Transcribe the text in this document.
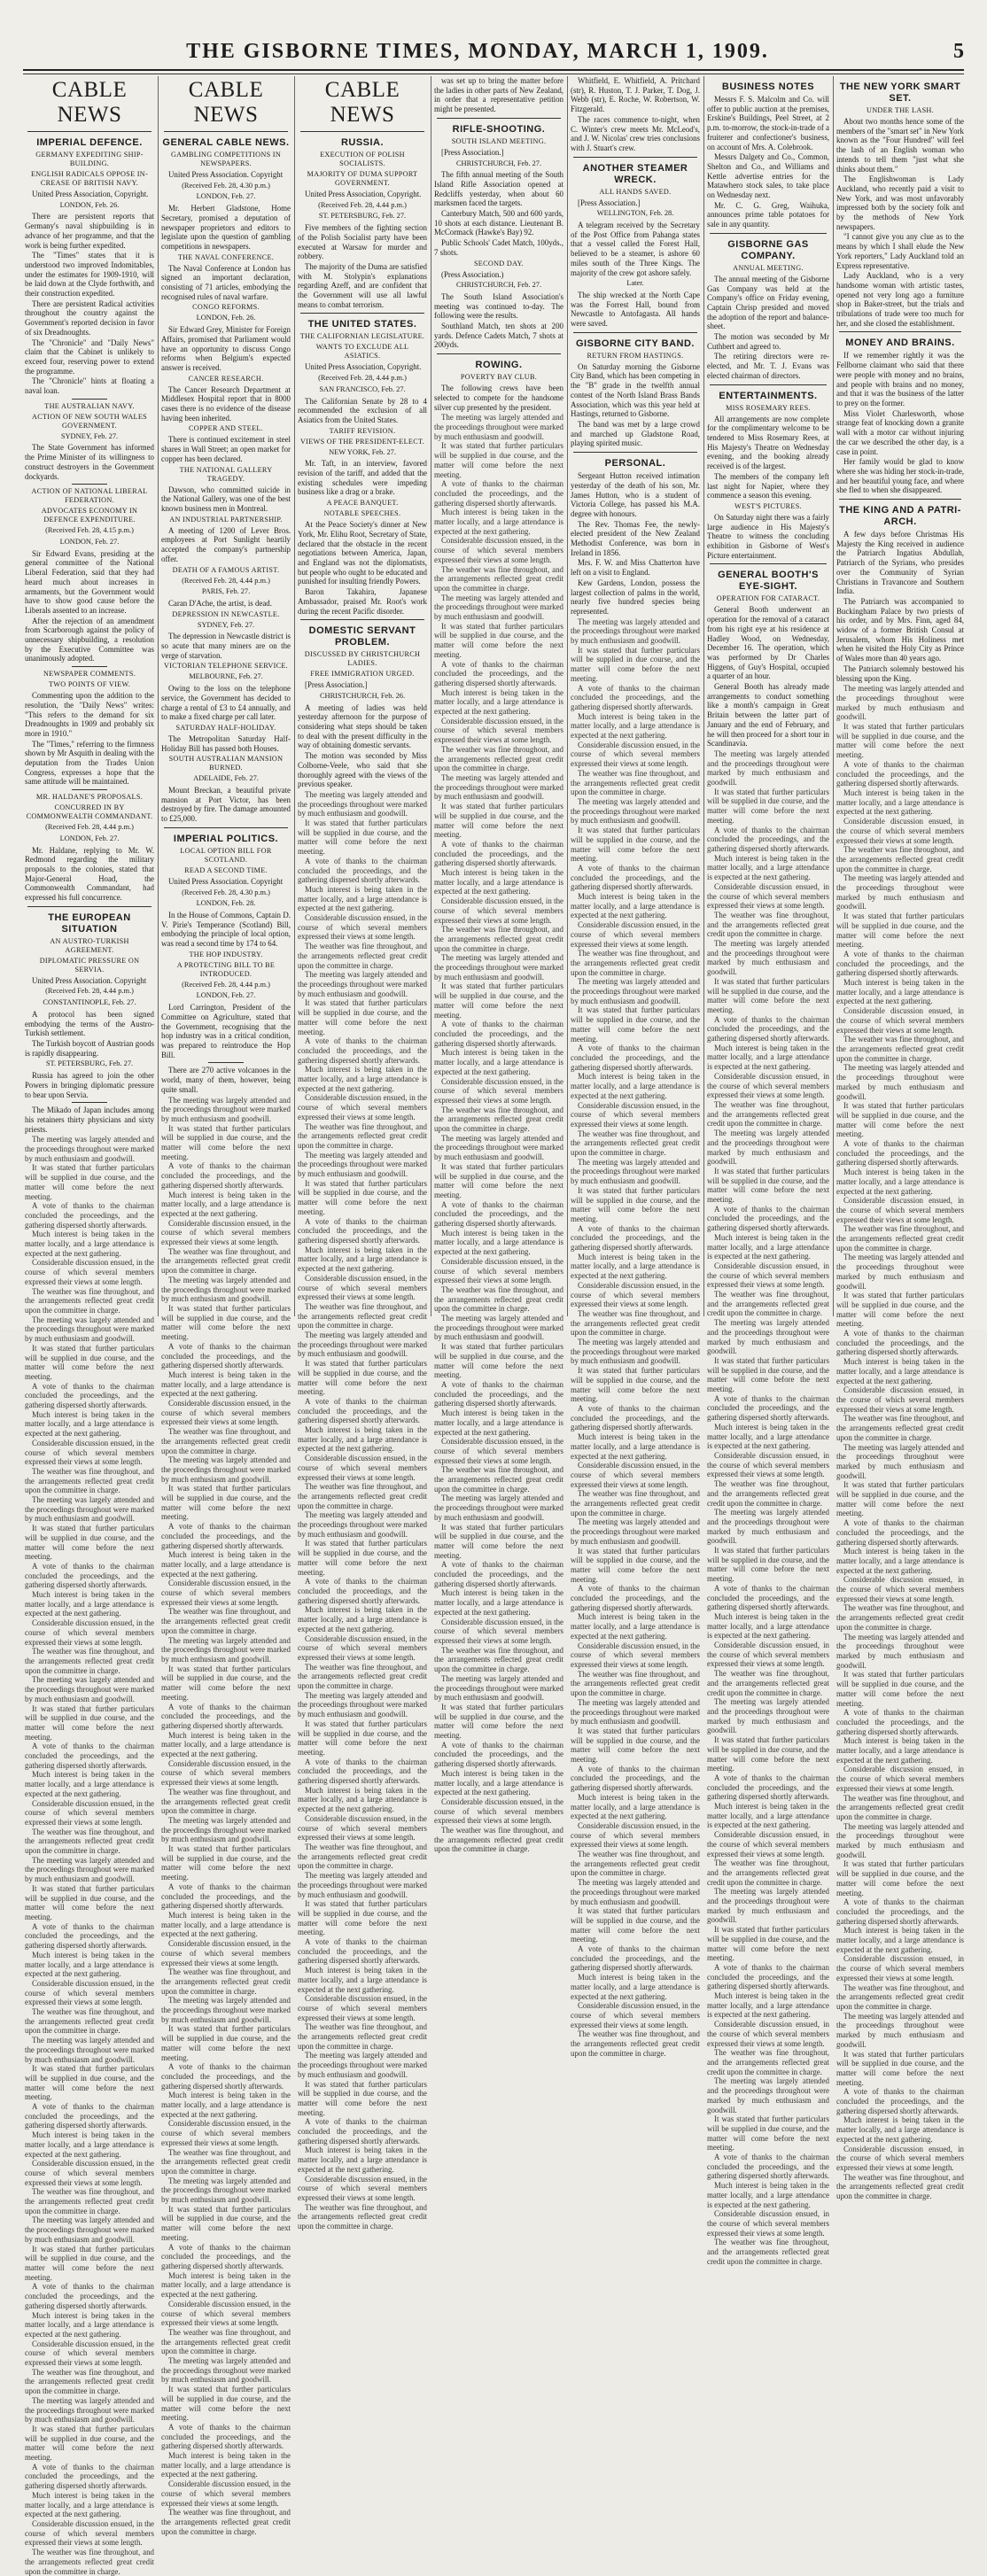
THE GISBORNE TIMES, MONDAY, MARCH 1, 1909.	5
CABLE NEWS
IMPERIAL DEFENCE.
GERMANY EXPEDITING SHIP-BUILDING.
ENGLISH RADICALS OPPOSE IN-CREASE OF BRITISH NAVY.

United Press Association, Copyright.

LONDON, Feb. 26.

There are persistent reports that Germany's naval shipbuilding is in advance of her programme, and that the work is being further expedited.

The "Times" states that it is understood two improved Indomitables, under the estimates for 1909-1910, will be laid down at the Clyde forthwith, and their construction expedited.

There are persistent Radical activities throughout the country against the Government's reported decision in favor of six Dreadnoughts.

The "Chronicle" and "Daily News" claim that the Cabinet is unlikely to exceed four, reserving power to extend the programme.

The "Chronicle" hints at floating a naval loan.

THE AUSTRALIAN NAVY.
ACTION OF NEW SOUTH WALES GOVERNMENT.
SYDNEY, Feb. 27.

The State Government has informed the Prime Minister of its willingness to construct destroyers in the Government dockyards.

ACTION OF NATIONAL LIBERAL FEDERATION.
ADVOCATES ECONOMY IN DEFENCE EXPENDITURE.
(Received Feb. 28, 4.15 p.m.)
LONDON, Feb. 27.

Sir Edward Evans, presiding at the general committee of the National Liberal Federation, said that they had heard much about increases in armaments, but the Government would have to show good cause before the Liberals assented to an increase.

After the rejection of an amendment from Scarborough against the policy of unnecessary shipbuilding, a resolution by the Executive Committee was unanimously adopted.

NEWSPAPER COMMENTS.
TWO POINTS OF VIEW.

Commenting upon the addition to the resolution, the "Daily News" writes: "This refers to the demand for six Dreadnoughts in 1909 and probably six more in 1910."

The "Times," referring to the firmness shown by Mr Asquith in dealing with the deputation from the Trades Union Congress, expresses a hope that the same attitude will be maintained.

MR. HALDANE'S PROPOSALS.
CONCURRED IN BY COMMONWEALTH COMMANDANT.
(Received Feb. 28, 4.44 p.m.)
LONDON, Feb. 27.

Mr. Haldane, replying to Mr. W. Redmond regarding the military proposals to the colonies, stated that Major-General Hoad, the Commonwealth Commandant, had expressed his full concurrence.

THE EUROPEAN SITUATION
AN AUSTRO-TURKISH AGREEMENT.
DIPLOMATIC PRESSURE ON SERVIA.

United Press Association. Copyright

(Received Feb. 28, 4.44 p.m.)
CONSTANTINOPLE, Feb. 27.

A protocol has been signed embodying the terms of the Austro-Turkish settlement.

The Turkish boycott of Austrian goods is rapidly disappearing.

ST. PETERSBURG, Feb. 27.

Russia has agreed to join the other Powers in bringing diplomatic pressure to bear upon Servia.

The Mikado of Japan includes among his retainers thirty physicians and sixty priests.

The meeting was largely attended and the proceedings throughout were marked by much enthusiasm and goodwill.

It was stated that further particulars will be supplied in due course, and the matter will come before the next meeting.

A vote of thanks to the chairman concluded the proceedings, and the gathering dispersed shortly afterwards.

Much interest is being taken in the matter locally, and a large attendance is expected at the next gathering.

Considerable discussion ensued, in the course of which several members expressed their views at some length.

The weather was fine throughout, and the arrangements reflected great credit upon the committee in charge.

The meeting was largely attended and the proceedings throughout were marked by much enthusiasm and goodwill.

It was stated that further particulars will be supplied in due course, and the matter will come before the next meeting.

A vote of thanks to the chairman concluded the proceedings, and the gathering dispersed shortly afterwards.

Much interest is being taken in the matter locally, and a large attendance is expected at the next gathering.

Considerable discussion ensued, in the course of which several members expressed their views at some length.

The weather was fine throughout, and the arrangements reflected great credit upon the committee in charge.

The meeting was largely attended and the proceedings throughout were marked by much enthusiasm and goodwill.

It was stated that further particulars will be supplied in due course, and the matter will come before the next meeting.

A vote of thanks to the chairman concluded the proceedings, and the gathering dispersed shortly afterwards.

Much interest is being taken in the matter locally, and a large attendance is expected at the next gathering.

Considerable discussion ensued, in the course of which several members expressed their views at some length.

The weather was fine throughout, and the arrangements reflected great credit upon the committee in charge.

The meeting was largely attended and the proceedings throughout were marked by much enthusiasm and goodwill.

It was stated that further particulars will be supplied in due course, and the matter will come before the next meeting.

A vote of thanks to the chairman concluded the proceedings, and the gathering dispersed shortly afterwards.

Much interest is being taken in the matter locally, and a large attendance is expected at the next gathering.

Considerable discussion ensued, in the course of which several members expressed their views at some length.

The weather was fine throughout, and the arrangements reflected great credit upon the committee in charge.

The meeting was largely attended and the proceedings throughout were marked by much enthusiasm and goodwill.

It was stated that further particulars will be supplied in due course, and the matter will come before the next meeting.

A vote of thanks to the chairman concluded the proceedings, and the gathering dispersed shortly afterwards.

Much interest is being taken in the matter locally, and a large attendance is expected at the next gathering.

Considerable discussion ensued, in the course of which several members expressed their views at some length.

The weather was fine throughout, and the arrangements reflected great credit upon the committee in charge.

The meeting was largely attended and the proceedings throughout were marked by much enthusiasm and goodwill.

It was stated that further particulars will be supplied in due course, and the matter will come before the next meeting.

A vote of thanks to the chairman concluded the proceedings, and the gathering dispersed shortly afterwards.

Much interest is being taken in the matter locally, and a large attendance is expected at the next gathering.

Considerable discussion ensued, in the course of which several members expressed their views at some length.

The weather was fine throughout, and the arrangements reflected great credit upon the committee in charge.

The meeting was largely attended and the proceedings throughout were marked by much enthusiasm and goodwill.

It was stated that further particulars will be supplied in due course, and the matter will come before the next meeting.

A vote of thanks to the chairman concluded the proceedings, and the gathering dispersed shortly afterwards.

Much interest is being taken in the matter locally, and a large attendance is expected at the next gathering.

Considerable discussion ensued, in the course of which several members expressed their views at some length.

The weather was fine throughout, and the arrangements reflected great credit upon the committee in charge.

The meeting was largely attended and the proceedings throughout were marked by much enthusiasm and goodwill.

It was stated that further particulars will be supplied in due course, and the matter will come before the next meeting.

A vote of thanks to the chairman concluded the proceedings, and the gathering dispersed shortly afterwards.

Much interest is being taken in the matter locally, and a large attendance is expected at the next gathering.

Considerable discussion ensued, in the course of which several members expressed their views at some length.

The weather was fine throughout, and the arrangements reflected great credit upon the committee in charge.

CABLE NEWS
GENERAL CABLE NEWS.
GAMBLING COMPETITIONS IN NEWSPAPERS.

United Press Association. Copyright

(Received Feb. 28, 4.30 p.m.)
LONDON, Feb. 27.

Mr. Herbert Gladstone, Home Secretary, promised a deputation of newspaper proprietors and editors to legislate upon the question of gambling competitions in newspapers.

THE NAVAL CONFERENCE.

The Naval Conference at London has signed an important declaration, consisting of 71 articles, embodying the recognised rules of naval warfare.

CONGO REFORMS.
LONDON, Feb. 26.

Sir Edward Grey, Minister for Foreign Affairs, promised that Parliament would have an opportunity to discuss Congo reforms when Belgium's expected answer is received.

CANCER RESEARCH.

The Cancer Research Department at Middlesex Hospital report that in 8000 cases there is no evidence of the disease having been inherited.

COPPER AND STEEL.

There is continued excitement in steel shares in Wall Street; an open market for copper has been declared.

THE NATIONAL GALLERY TRAGEDY.

Dawson, who committed suicide in the National Gallery, was one of the best known business men in Montreal.

AN INDUSTRIAL PARTNERSHIP.

A meeting of 1200 of Lever Bros. employees at Port Sunlight heartily accepted the company's partnership offer.

DEATH OF A FAMOUS ARTIST.
(Received Feb. 28, 4.44 p.m.)
PARIS, Feb. 27.

Caran D'Ache, the artist, is dead.

DEPRESSION IN NEWCASTLE.
SYDNEY, Feb. 27.

The depression in Newcastle district is so acute that many miners are on the verge of starvation.

VICTORIAN TELEPHONE SERVICE.
MELBOURNE, Feb. 27.

Owing to the loss on the telephone service, the Government has decided to charge a rental of £3 to £4 annually, and to make a fixed charge per call later.

SATURDAY HALF-HOLIDAY.

The Metropolitan Saturday Half-Holiday Bill has passed both Houses.

SOUTH AUSTRALIAN MANSION BURNED.
ADELAIDE, Feb. 27.

Mount Breckan, a beautiful private mansion at Port Victor, has been destroyed by fire. The damage amounted to £25,000.

IMPERIAL POLITICS.
LOCAL OPTION BILL FOR SCOTLAND.
READ A SECOND TIME.

United Press Association. Copyright

(Received Feb. 28, 4.30 p.m.)
LONDON, Feb. 28.

In the House of Commons, Captain D. V. Pirie's Temperance (Scotland) Bill, embodying the principle of local option, was read a second time by 174 to 64.

THE HOP INDUSTRY.
A PROTECTING BILL TO BE INTRODUCED.
(Received Feb. 28, 4.44 p.m.)
LONDON, Feb. 27.

Lord Carrington, President of the Committee on Agriculture, stated that the Government, recognising that the hop industry was in a critical condition, was prepared to reintroduce the Hop Bill.

There are 270 active volcanoes in the world, many of them, however, being quite small.

The meeting was largely attended and the proceedings throughout were marked by much enthusiasm and goodwill.

It was stated that further particulars will be supplied in due course, and the matter will come before the next meeting.

A vote of thanks to the chairman concluded the proceedings, and the gathering dispersed shortly afterwards.

Much interest is being taken in the matter locally, and a large attendance is expected at the next gathering.

Considerable discussion ensued, in the course of which several members expressed their views at some length.

The weather was fine throughout, and the arrangements reflected great credit upon the committee in charge.

The meeting was largely attended and the proceedings throughout were marked by much enthusiasm and goodwill.

It was stated that further particulars will be supplied in due course, and the matter will come before the next meeting.

A vote of thanks to the chairman concluded the proceedings, and the gathering dispersed shortly afterwards.

Much interest is being taken in the matter locally, and a large attendance is expected at the next gathering.

Considerable discussion ensued, in the course of which several members expressed their views at some length.

The weather was fine throughout, and the arrangements reflected great credit upon the committee in charge.

The meeting was largely attended and the proceedings throughout were marked by much enthusiasm and goodwill.

It was stated that further particulars will be supplied in due course, and the matter will come before the next meeting.

A vote of thanks to the chairman concluded the proceedings, and the gathering dispersed shortly afterwards.

Much interest is being taken in the matter locally, and a large attendance is expected at the next gathering.

Considerable discussion ensued, in the course of which several members expressed their views at some length.

The weather was fine throughout, and the arrangements reflected great credit upon the committee in charge.

The meeting was largely attended and the proceedings throughout were marked by much enthusiasm and goodwill.

It was stated that further particulars will be supplied in due course, and the matter will come before the next meeting.

A vote of thanks to the chairman concluded the proceedings, and the gathering dispersed shortly afterwards.

Much interest is being taken in the matter locally, and a large attendance is expected at the next gathering.

Considerable discussion ensued, in the course of which several members expressed their views at some length.

The weather was fine throughout, and the arrangements reflected great credit upon the committee in charge.

The meeting was largely attended and the proceedings throughout were marked by much enthusiasm and goodwill.

It was stated that further particulars will be supplied in due course, and the matter will come before the next meeting.

A vote of thanks to the chairman concluded the proceedings, and the gathering dispersed shortly afterwards.

Much interest is being taken in the matter locally, and a large attendance is expected at the next gathering.

Considerable discussion ensued, in the course of which several members expressed their views at some length.

The weather was fine throughout, and the arrangements reflected great credit upon the committee in charge.

The meeting was largely attended and the proceedings throughout were marked by much enthusiasm and goodwill.

It was stated that further particulars will be supplied in due course, and the matter will come before the next meeting.

A vote of thanks to the chairman concluded the proceedings, and the gathering dispersed shortly afterwards.

Much interest is being taken in the matter locally, and a large attendance is expected at the next gathering.

Considerable discussion ensued, in the course of which several members expressed their views at some length.

The weather was fine throughout, and the arrangements reflected great credit upon the committee in charge.

The meeting was largely attended and the proceedings throughout were marked by much enthusiasm and goodwill.

It was stated that further particulars will be supplied in due course, and the matter will come before the next meeting.

A vote of thanks to the chairman concluded the proceedings, and the gathering dispersed shortly afterwards.

Much interest is being taken in the matter locally, and a large attendance is expected at the next gathering.

Considerable discussion ensued, in the course of which several members expressed their views at some length.

The weather was fine throughout, and the arrangements reflected great credit upon the committee in charge.

The meeting was largely attended and the proceedings throughout were marked by much enthusiasm and goodwill.

It was stated that further particulars will be supplied in due course, and the matter will come before the next meeting.

A vote of thanks to the chairman concluded the proceedings, and the gathering dispersed shortly afterwards.

Much interest is being taken in the matter locally, and a large attendance is expected at the next gathering.

Considerable discussion ensued, in the course of which several members expressed their views at some length.

The weather was fine throughout, and the arrangements reflected great credit upon the committee in charge.

CABLE NEWS
RUSSIA.
EXECUTION OF POLISH SOCIALISTS.
MAJORITY OF DUMA SUPPORT GOVERNMENT.

United Press Association, Copyright.

(Received Feb. 28, 4.44 p.m.)
ST. PETERSBURG, Feb. 27.

Five members of the fighting section of the Polish Socialist party have been executed at Warsaw for murder and robbery.

The majority of the Duma are satisfied with M. Stolypin's explanations regarding Azeff, and are confident that the Government will use all lawful means to combat terrorism.

THE UNITED STATES.
THE CALIFORNIAN LEGISLATURE.
WANTS TO EXCLUDE ALL ASIATICS.

United Press Association, Copyright.

(Received Feb. 28, 4.44 p.m.)
SAN FRANCISCO, Feb. 27.

The Californian Senate by 28 to 4 recommended the exclusion of all Asiatics from the United States.

TARIFF REVISION.
VIEWS OF THE PRESIDENT-ELECT.
NEW YORK, Feb. 27.

Mr. Taft, in an interview, favored revision of the tariff, and added that the existing schedules were impeding business like a drag or a brake.

A PEACE BANQUET.
NOTABLE SPEECHES.

At the Peace Society's dinner at New York, Mr. Elihu Root, Secretary of State, declared that the obstacle in the recent negotiations between America, Japan, and England was not the diplomatists, but people who ought to be educated and punished for insulting friendly Powers.

Baron Takahira, Japanese Ambassador, praised Mr. Root's work during the recent Pacific disorder.

DOMESTIC SERVANT PROBLEM.
DISCUSSED BY CHRISTCHURCH LADIES.
FREE IMMIGRATION URGED.

[Press Association.]

CHRISTCHURCH, Feb. 26.

A meeting of ladies was held yesterday afternoon for the purpose of considering what steps should be taken to deal with the present difficulty in the way of obtaining domestic servants.

The motion was seconded by Miss Colborne-Veele, who said that she thoroughly agreed with the views of the previous speaker.

The meeting was largely attended and the proceedings throughout were marked by much enthusiasm and goodwill.

It was stated that further particulars will be supplied in due course, and the matter will come before the next meeting.

A vote of thanks to the chairman concluded the proceedings, and the gathering dispersed shortly afterwards.

Much interest is being taken in the matter locally, and a large attendance is expected at the next gathering.

Considerable discussion ensued, in the course of which several members expressed their views at some length.

The weather was fine throughout, and the arrangements reflected great credit upon the committee in charge.

The meeting was largely attended and the proceedings throughout were marked by much enthusiasm and goodwill.

It was stated that further particulars will be supplied in due course, and the matter will come before the next meeting.

A vote of thanks to the chairman concluded the proceedings, and the gathering dispersed shortly afterwards.

Much interest is being taken in the matter locally, and a large attendance is expected at the next gathering.

Considerable discussion ensued, in the course of which several members expressed their views at some length.

The weather was fine throughout, and the arrangements reflected great credit upon the committee in charge.

The meeting was largely attended and the proceedings throughout were marked by much enthusiasm and goodwill.

It was stated that further particulars will be supplied in due course, and the matter will come before the next meeting.

A vote of thanks to the chairman concluded the proceedings, and the gathering dispersed shortly afterwards.

Much interest is being taken in the matter locally, and a large attendance is expected at the next gathering.

Considerable discussion ensued, in the course of which several members expressed their views at some length.

The weather was fine throughout, and the arrangements reflected great credit upon the committee in charge.

The meeting was largely attended and the proceedings throughout were marked by much enthusiasm and goodwill.

It was stated that further particulars will be supplied in due course, and the matter will come before the next meeting.

A vote of thanks to the chairman concluded the proceedings, and the gathering dispersed shortly afterwards.

Much interest is being taken in the matter locally, and a large attendance is expected at the next gathering.

Considerable discussion ensued, in the course of which several members expressed their views at some length.

The weather was fine throughout, and the arrangements reflected great credit upon the committee in charge.

The meeting was largely attended and the proceedings throughout were marked by much enthusiasm and goodwill.

It was stated that further particulars will be supplied in due course, and the matter will come before the next meeting.

A vote of thanks to the chairman concluded the proceedings, and the gathering dispersed shortly afterwards.

Much interest is being taken in the matter locally, and a large attendance is expected at the next gathering.

Considerable discussion ensued, in the course of which several members expressed their views at some length.

The weather was fine throughout, and the arrangements reflected great credit upon the committee in charge.

The meeting was largely attended and the proceedings throughout were marked by much enthusiasm and goodwill.

It was stated that further particulars will be supplied in due course, and the matter will come before the next meeting.

A vote of thanks to the chairman concluded the proceedings, and the gathering dispersed shortly afterwards.

Much interest is being taken in the matter locally, and a large attendance is expected at the next gathering.

Considerable discussion ensued, in the course of which several members expressed their views at some length.

The weather was fine throughout, and the arrangements reflected great credit upon the committee in charge.

The meeting was largely attended and the proceedings throughout were marked by much enthusiasm and goodwill.

It was stated that further particulars will be supplied in due course, and the matter will come before the next meeting.

A vote of thanks to the chairman concluded the proceedings, and the gathering dispersed shortly afterwards.

Much interest is being taken in the matter locally, and a large attendance is expected at the next gathering.

Considerable discussion ensued, in the course of which several members expressed their views at some length.

The weather was fine throughout, and the arrangements reflected great credit upon the committee in charge.

The meeting was largely attended and the proceedings throughout were marked by much enthusiasm and goodwill.

It was stated that further particulars will be supplied in due course, and the matter will come before the next meeting.

A vote of thanks to the chairman concluded the proceedings, and the gathering dispersed shortly afterwards.

Much interest is being taken in the matter locally, and a large attendance is expected at the next gathering.

Considerable discussion ensued, in the course of which several members expressed their views at some length.

The weather was fine throughout, and the arrangements reflected great credit upon the committee in charge.

was set up to bring the matter before the ladies in other parts of New Zealand, in order that a representative petition might be presented.

RIFLE-SHOOTING.
SOUTH ISLAND MEETING.

[Press Association.]

CHRISTCHURCH, Feb. 27.

The fifth annual meeting of the South Island Rifle Association opened at Redcliffs yesterday, when about 60 marksmen faced the targets.

Canterbury Match, 500 and 600 yards, 10 shots at each distance. Lieutenant B. McCormack (Hawke's Bay) 92.

Public Schools' Cadet Match, 100yds., 7 shots.

SECOND DAY.

(Press Association.)

CHRISTCHURCH, Feb. 27.

The South Island Association's meeting was continued to-day. The following were the results.

Southland Match, ten shots at 200 yards. Defence Cadets Match, 7 shots at 200yds.

ROWING.
POVERTY BAY CLUB.

The following crews have been selected to compete for the handsome silver cup presented by the president.

The meeting was largely attended and the proceedings throughout were marked by much enthusiasm and goodwill.

It was stated that further particulars will be supplied in due course, and the matter will come before the next meeting.

A vote of thanks to the chairman concluded the proceedings, and the gathering dispersed shortly afterwards.

Much interest is being taken in the matter locally, and a large attendance is expected at the next gathering.

Considerable discussion ensued, in the course of which several members expressed their views at some length.

The weather was fine throughout, and the arrangements reflected great credit upon the committee in charge.

The meeting was largely attended and the proceedings throughout were marked by much enthusiasm and goodwill.

It was stated that further particulars will be supplied in due course, and the matter will come before the next meeting.

A vote of thanks to the chairman concluded the proceedings, and the gathering dispersed shortly afterwards.

Much interest is being taken in the matter locally, and a large attendance is expected at the next gathering.

Considerable discussion ensued, in the course of which several members expressed their views at some length.

The weather was fine throughout, and the arrangements reflected great credit upon the committee in charge.

The meeting was largely attended and the proceedings throughout were marked by much enthusiasm and goodwill.

It was stated that further particulars will be supplied in due course, and the matter will come before the next meeting.

A vote of thanks to the chairman concluded the proceedings, and the gathering dispersed shortly afterwards.

Much interest is being taken in the matter locally, and a large attendance is expected at the next gathering.

Considerable discussion ensued, in the course of which several members expressed their views at some length.

The weather was fine throughout, and the arrangements reflected great credit upon the committee in charge.

The meeting was largely attended and the proceedings throughout were marked by much enthusiasm and goodwill.

It was stated that further particulars will be supplied in due course, and the matter will come before the next meeting.

A vote of thanks to the chairman concluded the proceedings, and the gathering dispersed shortly afterwards.

Much interest is being taken in the matter locally, and a large attendance is expected at the next gathering.

Considerable discussion ensued, in the course of which several members expressed their views at some length.

The weather was fine throughout, and the arrangements reflected great credit upon the committee in charge.

The meeting was largely attended and the proceedings throughout were marked by much enthusiasm and goodwill.

It was stated that further particulars will be supplied in due course, and the matter will come before the next meeting.

A vote of thanks to the chairman concluded the proceedings, and the gathering dispersed shortly afterwards.

Much interest is being taken in the matter locally, and a large attendance is expected at the next gathering.

Considerable discussion ensued, in the course of which several members expressed their views at some length.

The weather was fine throughout, and the arrangements reflected great credit upon the committee in charge.

The meeting was largely attended and the proceedings throughout were marked by much enthusiasm and goodwill.

It was stated that further particulars will be supplied in due course, and the matter will come before the next meeting.

A vote of thanks to the chairman concluded the proceedings, and the gathering dispersed shortly afterwards.

Much interest is being taken in the matter locally, and a large attendance is expected at the next gathering.

Considerable discussion ensued, in the course of which several members expressed their views at some length.

The weather was fine throughout, and the arrangements reflected great credit upon the committee in charge.

The meeting was largely attended and the proceedings throughout were marked by much enthusiasm and goodwill.

It was stated that further particulars will be supplied in due course, and the matter will come before the next meeting.

A vote of thanks to the chairman concluded the proceedings, and the gathering dispersed shortly afterwards.

Much interest is being taken in the matter locally, and a large attendance is expected at the next gathering.

Considerable discussion ensued, in the course of which several members expressed their views at some length.

The weather was fine throughout, and the arrangements reflected great credit upon the committee in charge.

The meeting was largely attended and the proceedings throughout were marked by much enthusiasm and goodwill.

It was stated that further particulars will be supplied in due course, and the matter will come before the next meeting.

A vote of thanks to the chairman concluded the proceedings, and the gathering dispersed shortly afterwards.

Much interest is being taken in the matter locally, and a large attendance is expected at the next gathering.

Considerable discussion ensued, in the course of which several members expressed their views at some length.

The weather was fine throughout, and the arrangements reflected great credit upon the committee in charge.

Whitfield, E. Whitfield, A. Pritchard (str), R. Huston, T. J. Parker, T. Dog, J. Webb (str), E. Roche, W. Robertson, W. Fitzgerald.

The races commence to-night, when C. Winter's crew meets Mr. McLeod's, and J. W. Nicolas' crew tries conclusions with J. Stuart's crew.

ANOTHER STEAMER WRECK.
ALL HANDS SAVED.

[Press Association.]

WELLINGTON, Feb. 28.

A telegram received by the Secretary of the Post Office from Pahanga states that a vessel called the Forest Hall, believed to be a steamer, is ashore 60 miles south of the Three Kings. The majority of the crew got ashore safely.

Later.

The ship wrecked at the North Cape was the Forrest Hall, bound from Newcastle to Antofagasta. All hands were saved.

GISBORNE CITY BAND.
RETURN FROM HASTINGS.

On Saturday morning the Gisborne City Band, which has been competing in the "B" grade in the twelfth annual contest of the North Island Brass Bands Association, which was this year held at Hastings, returned to Gisborne.

The band was met by a large crowd and marched up Gladstone Road, playing spirited music.

PERSONAL.

Sergeant Hutton received intimation yesterday of the death of his son, Mr. James Hutton, who is a student of Victoria College, has passed his M.A. degree with honours.

The Rev. Thomas Fee, the newly-elected president of the New Zealand Methodist Conference, was born in Ireland in 1856.

Mrs. F. W. and Miss Chatterton have left on a visit to England.

Kew Gardens, London, possess the largest collection of palms in the world, nearly five hundred species being represented.

The meeting was largely attended and the proceedings throughout were marked by much enthusiasm and goodwill.

It was stated that further particulars will be supplied in due course, and the matter will come before the next meeting.

A vote of thanks to the chairman concluded the proceedings, and the gathering dispersed shortly afterwards.

Much interest is being taken in the matter locally, and a large attendance is expected at the next gathering.

Considerable discussion ensued, in the course of which several members expressed their views at some length.

The weather was fine throughout, and the arrangements reflected great credit upon the committee in charge.

The meeting was largely attended and the proceedings throughout were marked by much enthusiasm and goodwill.

It was stated that further particulars will be supplied in due course, and the matter will come before the next meeting.

A vote of thanks to the chairman concluded the proceedings, and the gathering dispersed shortly afterwards.

Much interest is being taken in the matter locally, and a large attendance is expected at the next gathering.

Considerable discussion ensued, in the course of which several members expressed their views at some length.

The weather was fine throughout, and the arrangements reflected great credit upon the committee in charge.

The meeting was largely attended and the proceedings throughout were marked by much enthusiasm and goodwill.

It was stated that further particulars will be supplied in due course, and the matter will come before the next meeting.

A vote of thanks to the chairman concluded the proceedings, and the gathering dispersed shortly afterwards.

Much interest is being taken in the matter locally, and a large attendance is expected at the next gathering.

Considerable discussion ensued, in the course of which several members expressed their views at some length.

The weather was fine throughout, and the arrangements reflected great credit upon the committee in charge.

The meeting was largely attended and the proceedings throughout were marked by much enthusiasm and goodwill.

It was stated that further particulars will be supplied in due course, and the matter will come before the next meeting.

A vote of thanks to the chairman concluded the proceedings, and the gathering dispersed shortly afterwards.

Much interest is being taken in the matter locally, and a large attendance is expected at the next gathering.

Considerable discussion ensued, in the course of which several members expressed their views at some length.

The weather was fine throughout, and the arrangements reflected great credit upon the committee in charge.

The meeting was largely attended and the proceedings throughout were marked by much enthusiasm and goodwill.

It was stated that further particulars will be supplied in due course, and the matter will come before the next meeting.

A vote of thanks to the chairman concluded the proceedings, and the gathering dispersed shortly afterwards.

Much interest is being taken in the matter locally, and a large attendance is expected at the next gathering.

Considerable discussion ensued, in the course of which several members expressed their views at some length.

The weather was fine throughout, and the arrangements reflected great credit upon the committee in charge.

The meeting was largely attended and the proceedings throughout were marked by much enthusiasm and goodwill.

It was stated that further particulars will be supplied in due course, and the matter will come before the next meeting.

A vote of thanks to the chairman concluded the proceedings, and the gathering dispersed shortly afterwards.

Much interest is being taken in the matter locally, and a large attendance is expected at the next gathering.

Considerable discussion ensued, in the course of which several members expressed their views at some length.

The weather was fine throughout, and the arrangements reflected great credit upon the committee in charge.

The meeting was largely attended and the proceedings throughout were marked by much enthusiasm and goodwill.

It was stated that further particulars will be supplied in due course, and the matter will come before the next meeting.

A vote of thanks to the chairman concluded the proceedings, and the gathering dispersed shortly afterwards.

Much interest is being taken in the matter locally, and a large attendance is expected at the next gathering.

Considerable discussion ensued, in the course of which several members expressed their views at some length.

The weather was fine throughout, and the arrangements reflected great credit upon the committee in charge.

The meeting was largely attended and the proceedings throughout were marked by much enthusiasm and goodwill.

It was stated that further particulars will be supplied in due course, and the matter will come before the next meeting.

A vote of thanks to the chairman concluded the proceedings, and the gathering dispersed shortly afterwards.

Much interest is being taken in the matter locally, and a large attendance is expected at the next gathering.

Considerable discussion ensued, in the course of which several members expressed their views at some length.

The weather was fine throughout, and the arrangements reflected great credit upon the committee in charge.

BUSINESS NOTES

Messrs F. S. Malcolm and Co. will offer to public auction at the premises, Erskine's Buildings, Peel Street, at 2 p.m. to-morrow, the stock-in-trade of a fruiterer and confectioner's business, on account of Mrs. A. Colebrook.

Messrs Dalgety and Co., Common, Shelton and Co., and Williams and Kettle advertise entries for the Matawhero stock sales, to take place on Wednesday next.

Mr. C. G. Greg, Waihuka, announces prime table potatoes for sale in any quantity.

GISBORNE GAS COMPANY.
ANNUAL MEETING.

The annual meeting of the Gisborne Gas Company was held at the Company's office on Friday evening, Captain Chrisp presided and moved the adoption of the report and balance-sheet.

The motion was seconded by Mr Cuthbert and agreed to.

The retiring directors were re-elected, and Mr. T. J. Evans was elected chairman of directors.

ENTERTAINMENTS.
MISS ROSEMARY REES.

All arrangements are now complete for the complimentary welcome to be tendered to Miss Rosemary Rees, at His Majesty's Theatre on Wednesday evening, and the booking already received is of the largest.

The members of the company left last night for Napier, where they commence a season this evening.

WEST'S PICTURES.

On Saturday night there was a fairly large audience in His Majesty's Theatre to witness the concluding exhibition in Gisborne of West's Picture entertainment.

GENERAL BOOTH'S EYE-SIGHT.
OPERATION FOR CATARACT.

General Booth underwent an operation for the removal of a cataract from his right eye at his residence at Hadley Wood, on Wednesday, December 16. The operation, which was performed by Dr Charles Higgens, of Guy's Hospital, occupied a quarter of an hour.

General Booth has already made arrangements to conduct something like a month's campaign in Great Britain between the latter part of January and the end of February, and he will then proceed for a short tour in Scandinavia.

The meeting was largely attended and the proceedings throughout were marked by much enthusiasm and goodwill.

It was stated that further particulars will be supplied in due course, and the matter will come before the next meeting.

A vote of thanks to the chairman concluded the proceedings, and the gathering dispersed shortly afterwards.

Much interest is being taken in the matter locally, and a large attendance is expected at the next gathering.

Considerable discussion ensued, in the course of which several members expressed their views at some length.

The weather was fine throughout, and the arrangements reflected great credit upon the committee in charge.

The meeting was largely attended and the proceedings throughout were marked by much enthusiasm and goodwill.

It was stated that further particulars will be supplied in due course, and the matter will come before the next meeting.

A vote of thanks to the chairman concluded the proceedings, and the gathering dispersed shortly afterwards.

Much interest is being taken in the matter locally, and a large attendance is expected at the next gathering.

Considerable discussion ensued, in the course of which several members expressed their views at some length.

The weather was fine throughout, and the arrangements reflected great credit upon the committee in charge.

The meeting was largely attended and the proceedings throughout were marked by much enthusiasm and goodwill.

It was stated that further particulars will be supplied in due course, and the matter will come before the next meeting.

A vote of thanks to the chairman concluded the proceedings, and the gathering dispersed shortly afterwards.

Much interest is being taken in the matter locally, and a large attendance is expected at the next gathering.

Considerable discussion ensued, in the course of which several members expressed their views at some length.

The weather was fine throughout, and the arrangements reflected great credit upon the committee in charge.

The meeting was largely attended and the proceedings throughout were marked by much enthusiasm and goodwill.

It was stated that further particulars will be supplied in due course, and the matter will come before the next meeting.

A vote of thanks to the chairman concluded the proceedings, and the gathering dispersed shortly afterwards.

Much interest is being taken in the matter locally, and a large attendance is expected at the next gathering.

Considerable discussion ensued, in the course of which several members expressed their views at some length.

The weather was fine throughout, and the arrangements reflected great credit upon the committee in charge.

The meeting was largely attended and the proceedings throughout were marked by much enthusiasm and goodwill.

It was stated that further particulars will be supplied in due course, and the matter will come before the next meeting.

A vote of thanks to the chairman concluded the proceedings, and the gathering dispersed shortly afterwards.

Much interest is being taken in the matter locally, and a large attendance is expected at the next gathering.

Considerable discussion ensued, in the course of which several members expressed their views at some length.

The weather was fine throughout, and the arrangements reflected great credit upon the committee in charge.

The meeting was largely attended and the proceedings throughout were marked by much enthusiasm and goodwill.

It was stated that further particulars will be supplied in due course, and the matter will come before the next meeting.

A vote of thanks to the chairman concluded the proceedings, and the gathering dispersed shortly afterwards.

Much interest is being taken in the matter locally, and a large attendance is expected at the next gathering.

Considerable discussion ensued, in the course of which several members expressed their views at some length.

The weather was fine throughout, and the arrangements reflected great credit upon the committee in charge.

The meeting was largely attended and the proceedings throughout were marked by much enthusiasm and goodwill.

It was stated that further particulars will be supplied in due course, and the matter will come before the next meeting.

A vote of thanks to the chairman concluded the proceedings, and the gathering dispersed shortly afterwards.

Much interest is being taken in the matter locally, and a large attendance is expected at the next gathering.

Considerable discussion ensued, in the course of which several members expressed their views at some length.

The weather was fine throughout, and the arrangements reflected great credit upon the committee in charge.

The meeting was largely attended and the proceedings throughout were marked by much enthusiasm and goodwill.

It was stated that further particulars will be supplied in due course, and the matter will come before the next meeting.

A vote of thanks to the chairman concluded the proceedings, and the gathering dispersed shortly afterwards.

Much interest is being taken in the matter locally, and a large attendance is expected at the next gathering.

Considerable discussion ensued, in the course of which several members expressed their views at some length.

The weather was fine throughout, and the arrangements reflected great credit upon the committee in charge.

THE NEW YORK SMART SET.
UNDER THE LASH.

About two months hence some of the members of the "smart set" in New York known as the "Four Hundred" will feel the lash of an English woman who intends to tell them "just what she thinks about them."

The Englishwoman is Lady Auckland, who recently paid a visit to New York, and was most unfavorably impressed both by the society folk and by the methods of New York newspapers.

"I cannot give you any clue as to the means by which I shall elude the New York reporters," Lady Auckland told an Express representative.

Lady Auckland, who is a very handsome woman with artistic tastes, opened not very long ago a furniture shop in Baker-street, but the trials and tribulations of trade were too much for her, and she closed the establishment.

MONEY AND BRAINS.

If we remember rightly it was the Fellborne claimant who said that there were people with money and no brains, and people with brains and no money, and that it was the business of the latter to prey on the former.

Miss Violet Charlesworth, whose strange feat of knocking down a granite wall with a motor car without injuring the car we described the other day, is a case in point.

Her family would be glad to know where she was hiding her stock-in-trade, and her beautiful young face, and where she fled to when she disappeared.

THE KING AND A PATRI-ARCH.

A few days before Christmas His Majesty the King received in audience the Patriarch Ingatius Abdullah, Patriarch of the Syrians, who presides over the Community of Syrian Christians in Travancore and Southern India.

The Patriarch was accompanied to Buckingham Palace by two priests of his order, and by Mrs. Finn, aged 84, widow of a former British Consul at Jerusalem, whom His Holiness met when he visited the Holy City as Prince of Wales more than 40 years ago.

The Patriarch solemnly bestowed his blessing upon the King.

The meeting was largely attended and the proceedings throughout were marked by much enthusiasm and goodwill.

It was stated that further particulars will be supplied in due course, and the matter will come before the next meeting.

A vote of thanks to the chairman concluded the proceedings, and the gathering dispersed shortly afterwards.

Much interest is being taken in the matter locally, and a large attendance is expected at the next gathering.

Considerable discussion ensued, in the course of which several members expressed their views at some length.

The weather was fine throughout, and the arrangements reflected great credit upon the committee in charge.

The meeting was largely attended and the proceedings throughout were marked by much enthusiasm and goodwill.

It was stated that further particulars will be supplied in due course, and the matter will come before the next meeting.

A vote of thanks to the chairman concluded the proceedings, and the gathering dispersed shortly afterwards.

Much interest is being taken in the matter locally, and a large attendance is expected at the next gathering.

Considerable discussion ensued, in the course of which several members expressed their views at some length.

The weather was fine throughout, and the arrangements reflected great credit upon the committee in charge.

The meeting was largely attended and the proceedings throughout were marked by much enthusiasm and goodwill.

It was stated that further particulars will be supplied in due course, and the matter will come before the next meeting.

A vote of thanks to the chairman concluded the proceedings, and the gathering dispersed shortly afterwards.

Much interest is being taken in the matter locally, and a large attendance is expected at the next gathering.

Considerable discussion ensued, in the course of which several members expressed their views at some length.

The weather was fine throughout, and the arrangements reflected great credit upon the committee in charge.

The meeting was largely attended and the proceedings throughout were marked by much enthusiasm and goodwill.

It was stated that further particulars will be supplied in due course, and the matter will come before the next meeting.

A vote of thanks to the chairman concluded the proceedings, and the gathering dispersed shortly afterwards.

Much interest is being taken in the matter locally, and a large attendance is expected at the next gathering.

Considerable discussion ensued, in the course of which several members expressed their views at some length.

The weather was fine throughout, and the arrangements reflected great credit upon the committee in charge.

The meeting was largely attended and the proceedings throughout were marked by much enthusiasm and goodwill.

It was stated that further particulars will be supplied in due course, and the matter will come before the next meeting.

A vote of thanks to the chairman concluded the proceedings, and the gathering dispersed shortly afterwards.

Much interest is being taken in the matter locally, and a large attendance is expected at the next gathering.

Considerable discussion ensued, in the course of which several members expressed their views at some length.

The weather was fine throughout, and the arrangements reflected great credit upon the committee in charge.

The meeting was largely attended and the proceedings throughout were marked by much enthusiasm and goodwill.

It was stated that further particulars will be supplied in due course, and the matter will come before the next meeting.

A vote of thanks to the chairman concluded the proceedings, and the gathering dispersed shortly afterwards.

Much interest is being taken in the matter locally, and a large attendance is expected at the next gathering.

Considerable discussion ensued, in the course of which several members expressed their views at some length.

The weather was fine throughout, and the arrangements reflected great credit upon the committee in charge.

The meeting was largely attended and the proceedings throughout were marked by much enthusiasm and goodwill.

It was stated that further particulars will be supplied in due course, and the matter will come before the next meeting.

A vote of thanks to the chairman concluded the proceedings, and the gathering dispersed shortly afterwards.

Much interest is being taken in the matter locally, and a large attendance is expected at the next gathering.

Considerable discussion ensued, in the course of which several members expressed their views at some length.

The weather was fine throughout, and the arrangements reflected great credit upon the committee in charge.

The meeting was largely attended and the proceedings throughout were marked by much enthusiasm and goodwill.

It was stated that further particulars will be supplied in due course, and the matter will come before the next meeting.

A vote of thanks to the chairman concluded the proceedings, and the gathering dispersed shortly afterwards.

Much interest is being taken in the matter locally, and a large attendance is expected at the next gathering.

Considerable discussion ensued, in the course of which several members expressed their views at some length.

The weather was fine throughout, and the arrangements reflected great credit upon the committee in charge.
